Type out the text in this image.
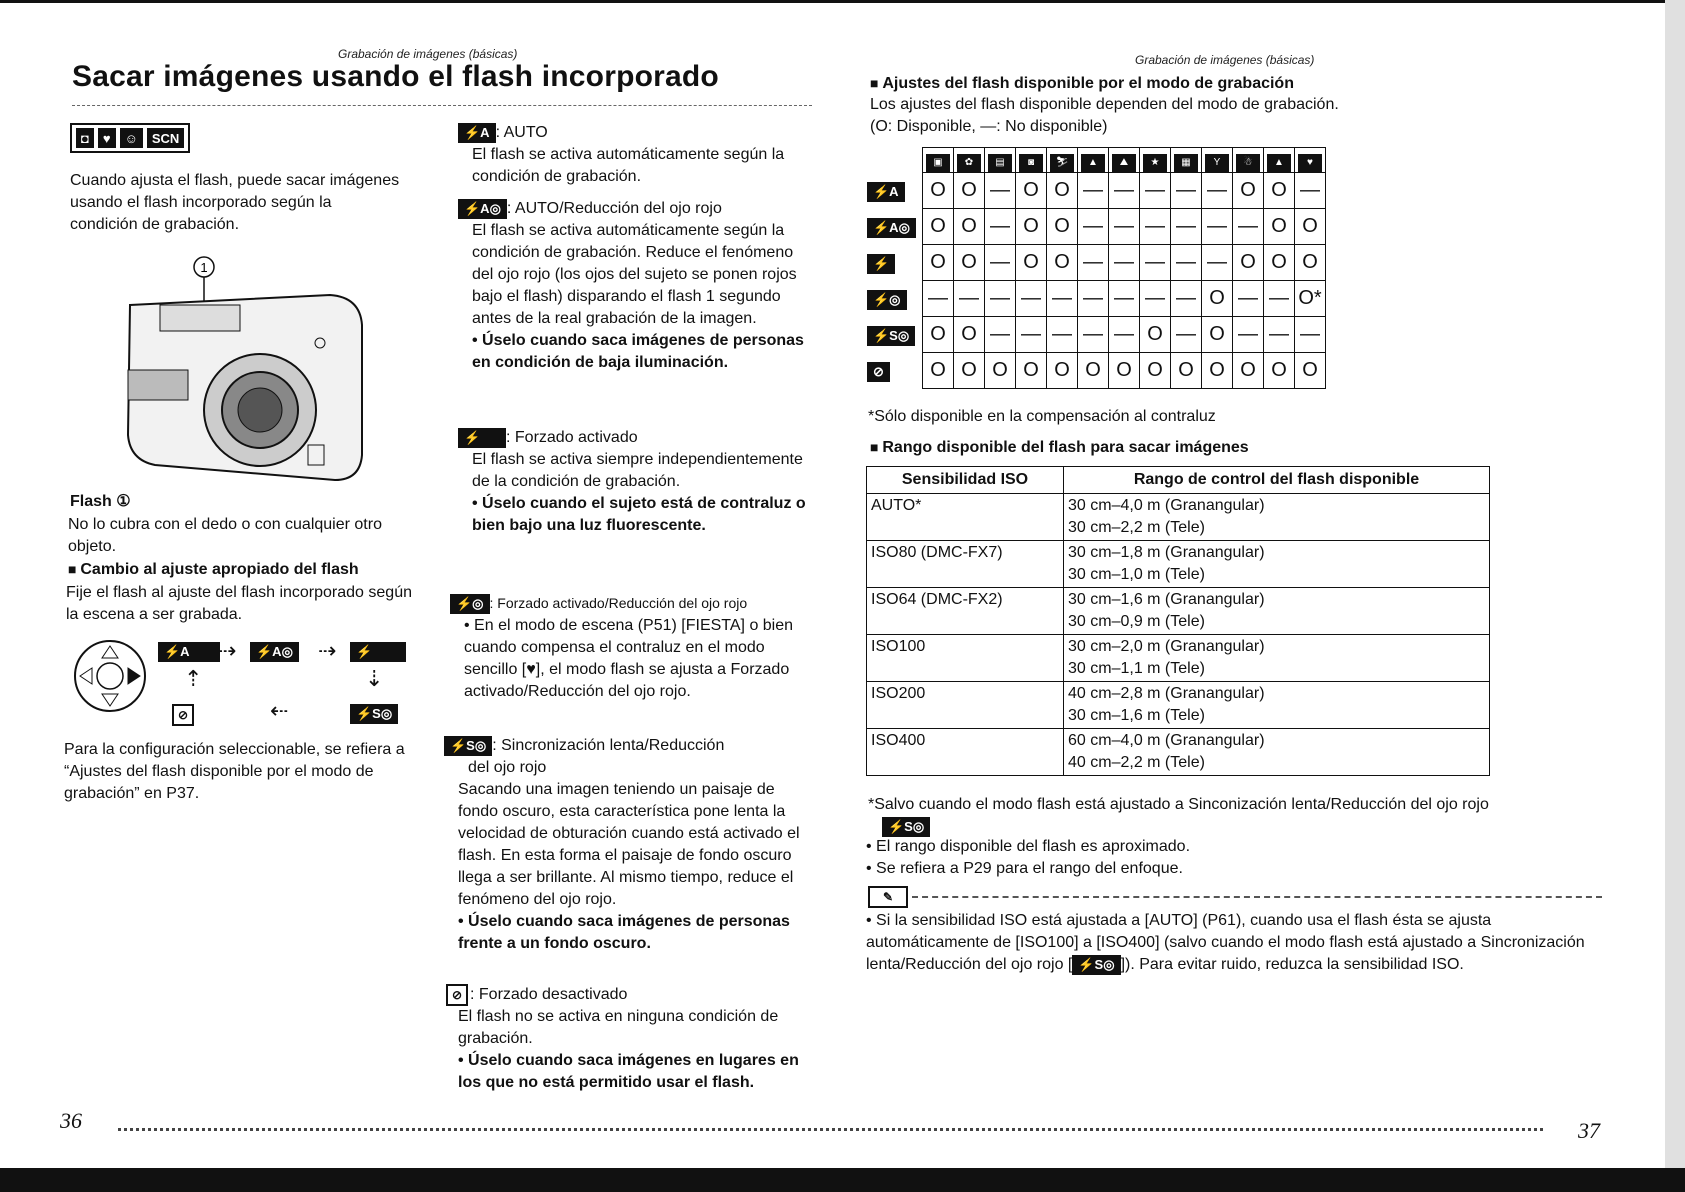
Grabación de imágenes (básicas)
Sacar imágenes usando el flash incorporado
◘	♥	☺	SCN
Cuando ajusta el flash, puede sacar imágenes usando el flash incorporado según la condición de grabación.
1
Flash ①
No lo cubra con el dedo o con cualquier otro objeto.
■ Cambio al ajuste apropiado del flash
Fije el flash al ajuste del flash incorporado según la escena a ser grabada.
⚡A	⇢	⚡A◎ ⇢	⚡
⇡	⇣
⊘	⇠	⚡S◎
Para la configuración seleccionable, se refiera a “Ajustes del flash disponible por el modo de grabación” en P37.
36
⚡A : AUTO
El flash se activa automáticamente según la condición de grabación.
⚡A◎ : AUTO/Reducción del ojo rojo
El flash se activa automáticamente según la condición de grabación. Reduce el fenómeno del ojo rojo (los ojos del sujeto se ponen rojos bajo el flash) disparando el flash 1 segundo antes de la real grabación de la imagen.
• Úselo cuando saca imágenes de personas en condición de baja iluminación.
⚡ : Forzado activado
El flash se activa siempre independientemente de la condición de grabación.
• Úselo cuando el sujeto está de contraluz o bien bajo una luz fluorescente.
⚡◎ : Forzado activado/Reducción del ojo rojo
• En el modo de escena (P51) [FIESTA] o bien cuando compensa el contraluz en el modo sencillo [♥], el modo flash se ajusta a Forzado activado/Reducción del ojo rojo.
⚡S◎ : Sincronización lenta/Reducción
del ojo rojo
Sacando una imagen teniendo un paisaje de fondo oscuro, esta característica pone lenta la velocidad de obturación cuando está activado el flash. En esta forma el paisaje de fondo oscuro llega a ser brillante. Al mismo tiempo, reduce el fenómeno del ojo rojo.
• Úselo cuando saca imágenes de personas frente a un fondo oscuro.
⊘ : Forzado desactivado
El flash no se activa en ninguna condición de grabación.
• Úselo cuando saca imágenes en lugares en los que no está permitido usar el flash.
Grabación de imágenes (básicas)
■ Ajustes del flash disponible por el modo de grabación
Los ajustes del flash disponible dependen del modo de grabación.
(O: Disponible, —: No disponible)
	▣	✿	▤	◙	⛷	▲	⛰	★	▦	Y	☃	▲	♥
⚡A	O	O	—	O	O	—	—	—	—	—	O	O	—
⚡A◎	O	O	—	O	O	—	—	—	—	—	—	O	O
⚡	O	O	—	O	O	—	—	—	—	—	O	O	O
⚡◎	—	—	—	—	—	—	—	—	—	O	—	—	O*
⚡S◎	O	O	—	—	—	—	—	O	—	O	—	—	—
⊘	O	O	O	O	O	O	O	O	O	O	O	O	O
*Sólo disponible en la compensación al contraluz
■ Rango disponible del flash para sacar imágenes
Sensibilidad ISO	Rango de control del flash disponible
AUTO*	30 cm–4,0 m (Granangular)
30 cm–2,2 m (Tele)

ISO80 (DMC-FX7)	30 cm–1,8 m (Granangular)
30 cm–1,0 m (Tele)

ISO64 (DMC-FX2)	30 cm–1,6 m (Granangular)
30 cm–0,9 m (Tele)

ISO100	30 cm–2,0 m (Granangular)
30 cm–1,1 m (Tele)

ISO200	40 cm–2,8 m (Granangular)
30 cm–1,6 m (Tele)

ISO400	60 cm–4,0 m (Granangular)
40 cm–2,2 m (Tele)
*Salvo cuando el modo flash está ajustado a Sinconización lenta/Reducción del ojo rojo
⚡S◎
• El rango disponible del flash es aproximado.
• Se refiera a P29 para el rango del enfoque.
✎
• Si la sensibilidad ISO está ajustada a [AUTO] (P61), cuando usa el flash ésta se ajusta automáticamente de [ISO100] a [ISO400] (salvo cuando el modo flash está ajustado a Sincronización lenta/Reducción del ojo rojo [ ⚡S◎ ]). Para evitar ruido, reduzca la sensibilidad ISO.
37
